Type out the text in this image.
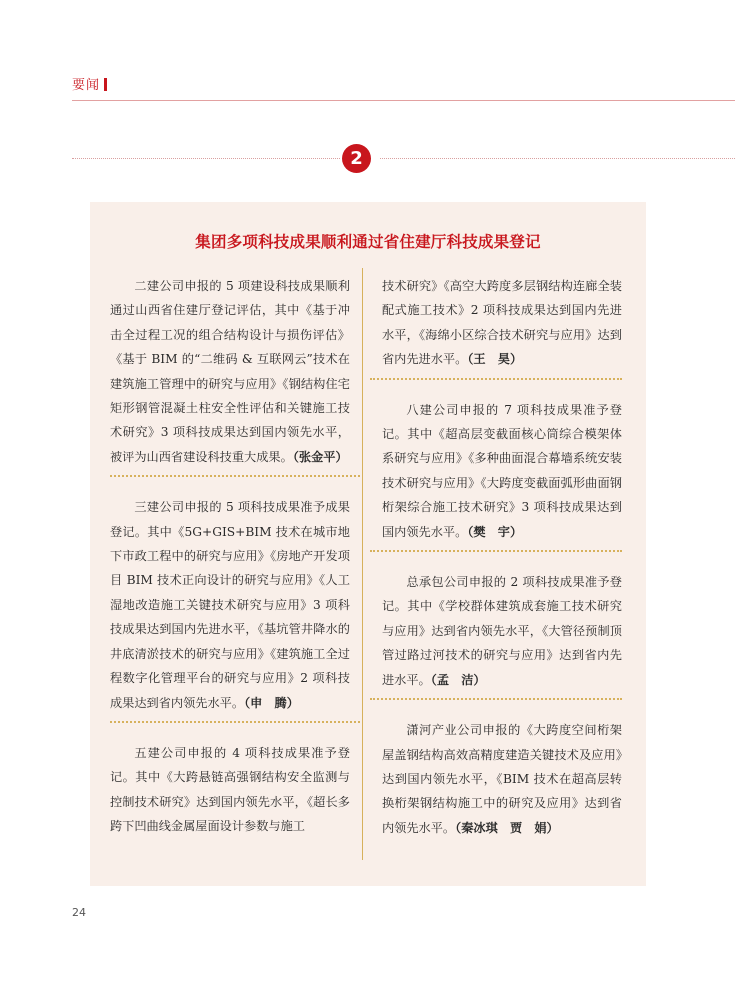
要闻
2
集团多项科技成果顺利通过省住建厅科技成果登记

二建公司申报的 5 项建设科技成果顺利通过山西省住建厅登记评估，其中《基于冲击全过程工况的组合结构设计与损伤评估》《基于 BIM 的“二维码 & 互联网云”技术在建筑施工管理中的研究与应用》《钢结构住宅矩形钢管混凝土柱安全性评估和关键施工技术研究》3 项科技成果达到国内领先水平，被评为山西省建设科技重大成果。（张金平）

三建公司申报的 5 项科技成果准予成果登记。其中《5G+GIS+BIM 技术在城市地下市政工程中的研究与应用》《房地产开发项目 BIM 技术正向设计的研究与应用》《人工湿地改造施工关键技术研究与应用》3 项科技成果达到国内先进水平，《基坑管井降水的井底清淤技术的研究与应用》《建筑施工全过程数字化管理平台的研究与应用》2 项科技成果达到省内领先水平。（申　腾）

五建公司申报的 4 项科技成果准予登记。其中《大跨悬链高强钢结构安全监测与控制技术研究》达到国内领先水平，《超长多跨下凹曲线金属屋面设计参数与施工

技术研究》《高空大跨度多层钢结构连廊全装配式施工技术》2 项科技成果达到国内先进水平，《海绵小区综合技术研究与应用》达到省内先进水平。（王　昊）

八建公司申报的 7 项科技成果准予登记。其中《超高层变截面核心筒综合模架体系研究与应用》《多种曲面混合幕墙系统安装技术研究与应用》《大跨度变截面弧形曲面钢桁架综合施工技术研究》3 项科技成果达到国内领先水平。（樊　宇）

总承包公司申报的 2 项科技成果准予登记。其中《学校群体建筑成套施工技术研究与应用》达到省内领先水平，《大管径预制顶管过路过河技术的研究与应用》达到省内先进水平。（孟　洁）

潇河产业公司申报的《大跨度空间桁架屋盖钢结构高效高精度建造关键技术及应用》达到国内领先水平，《BIM 技术在超高层转换桁架钢结构施工中的研究及应用》达到省内领先水平。（秦冰琪　贾　娟）

24
